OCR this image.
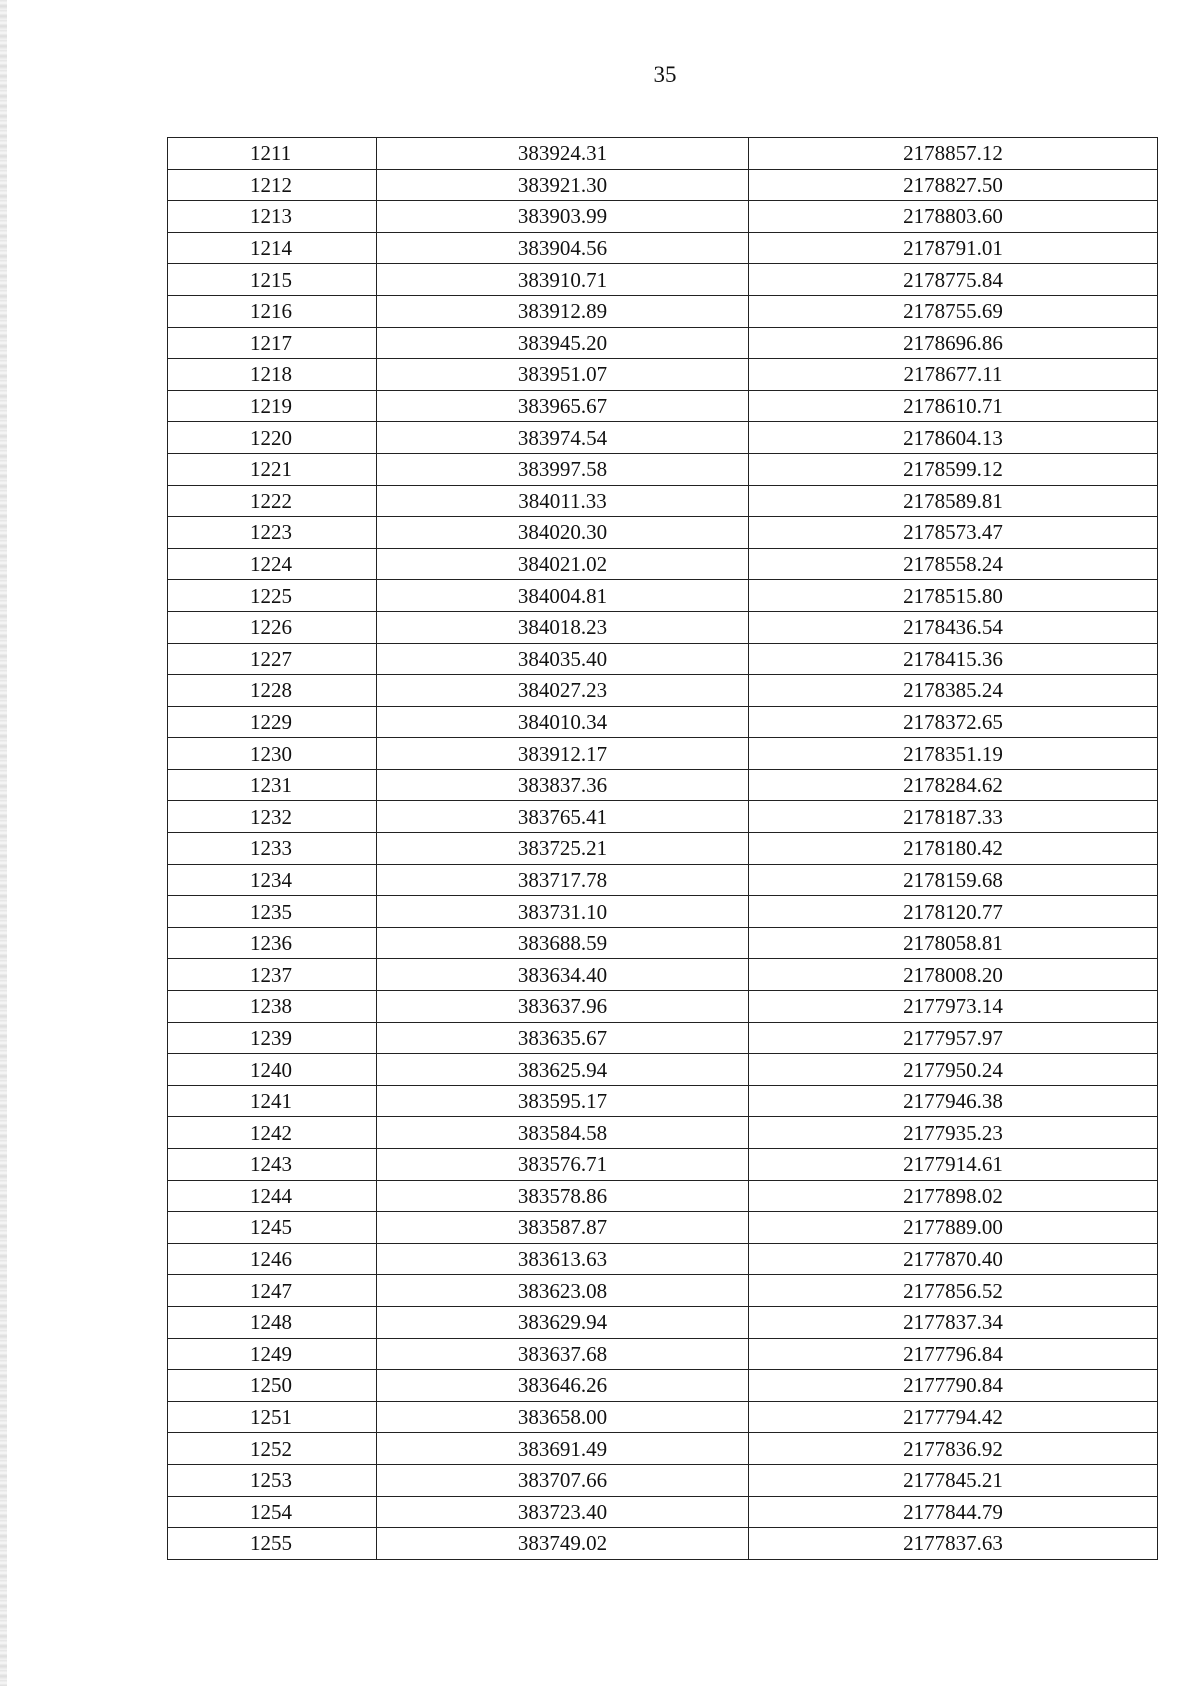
35
1211	383924.31	2178857.12
1212	383921.30	2178827.50
1213	383903.99	2178803.60
1214	383904.56	2178791.01
1215	383910.71	2178775.84
1216	383912.89	2178755.69
1217	383945.20	2178696.86
1218	383951.07	2178677.11
1219	383965.67	2178610.71
1220	383974.54	2178604.13
1221	383997.58	2178599.12
1222	384011.33	2178589.81
1223	384020.30	2178573.47
1224	384021.02	2178558.24
1225	384004.81	2178515.80
1226	384018.23	2178436.54
1227	384035.40	2178415.36
1228	384027.23	2178385.24
1229	384010.34	2178372.65
1230	383912.17	2178351.19
1231	383837.36	2178284.62
1232	383765.41	2178187.33
1233	383725.21	2178180.42
1234	383717.78	2178159.68
1235	383731.10	2178120.77
1236	383688.59	2178058.81
1237	383634.40	2178008.20
1238	383637.96	2177973.14
1239	383635.67	2177957.97
1240	383625.94	2177950.24
1241	383595.17	2177946.38
1242	383584.58	2177935.23
1243	383576.71	2177914.61
1244	383578.86	2177898.02
1245	383587.87	2177889.00
1246	383613.63	2177870.40
1247	383623.08	2177856.52
1248	383629.94	2177837.34
1249	383637.68	2177796.84
1250	383646.26	2177790.84
1251	383658.00	2177794.42
1252	383691.49	2177836.92
1253	383707.66	2177845.21
1254	383723.40	2177844.79
1255	383749.02	2177837.63
